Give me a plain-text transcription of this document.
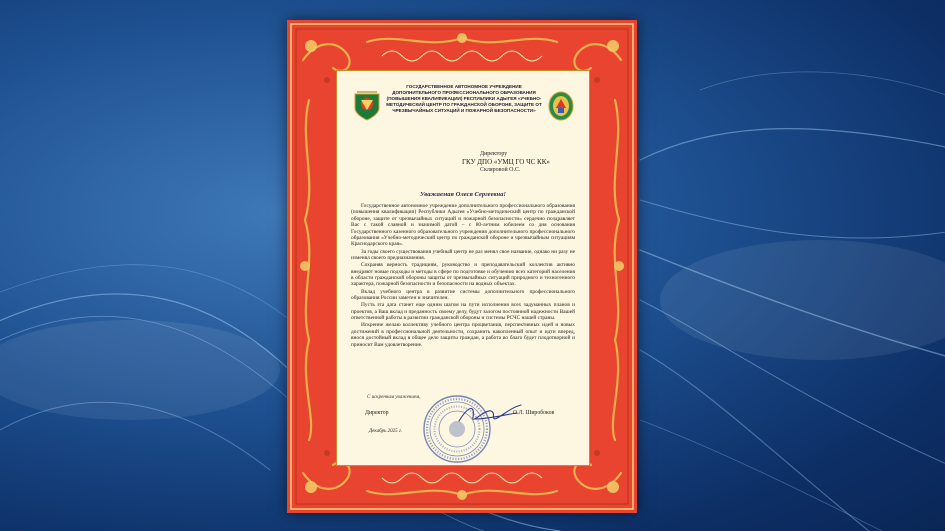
ГОСУДАРСТВЕННОЕ АВТОНОМНОЕ УЧРЕЖДЕНИЕ ДОПОЛНИТЕЛЬНОГО ПРОФЕССИОНАЛЬНОГО ОБРАЗОВАНИЯ (ПОВЫШЕНИЯ КВАЛИФИКАЦИИ) РЕСПУБЛИКИ АДЫГЕЯ «УЧЕБНО-МЕТОДИЧЕСКИЙ ЦЕНТР ПО ГРАЖДАНСКОЙ ОБОРОНЕ, ЗАЩИТЕ ОТ ЧРЕЗВЫЧАЙНЫХ СИТУАЦИЙ И ПОЖАРНОЙ БЕЗОПАСНОСТИ»
Директору
ГКУ ДПО «УМЦ ГО ЧС КК»
Скляровой О.С.
Уважаемая Олеся Сергеевна!

Государственное автономное учреждение дополнительного профессионального образования (повышения квалификации) Республики Адыгея «Учебно-методический центр по гражданской обороне, защите от чрезвычайных ситуаций и пожарной безопасности» сердечно поздравляет Вас с такой славной и значимой датой – с 80-летним юбилеем со дня основания Государственного казенного образовательного учреждения дополнительного профессионального образования «Учебно-методический центр по гражданской обороне и чрезвычайным ситуациям Краснодарского края».

За годы своего существования учебный центр не раз менял свое название, однако ни разу не изменял своего предназначения.

Сохраняя верность традициям, руководство и преподавательский коллектив активно внедряют новые подходы и методы в сфере по подготовке и обучению всех категорий населения в области гражданской обороны защиты от чрезвычайных ситуаций природного и техногенного характера, пожарной безопасности и безопасности на водных объектах.

Вклад учебного центра в развитие системы дополнительного профессионального образования России заметен и значителен.

Пусть эта дата станет еще одним шагом на пути исполнения всех задуманных планов и проектов, а Ваш вклад и преданность своему делу, будут залогом постоянной надежности Вашей ответственной работы в развитии гражданской обороны и системы РСЧС нашей страны.

Искренне желаю коллективу учебного центра процветания, перспективных идей и новых достижений в профессиональной деятельности, сохранить накопленный опыт и идти вперед, внося достойный вклад в общее дело защиты граждан, а работа во благо будет плодотворной и приносит Вам удовлетворение.

С искренним уважением,
Директор	О.Л. Широбоков
Декабрь 2025 г.
